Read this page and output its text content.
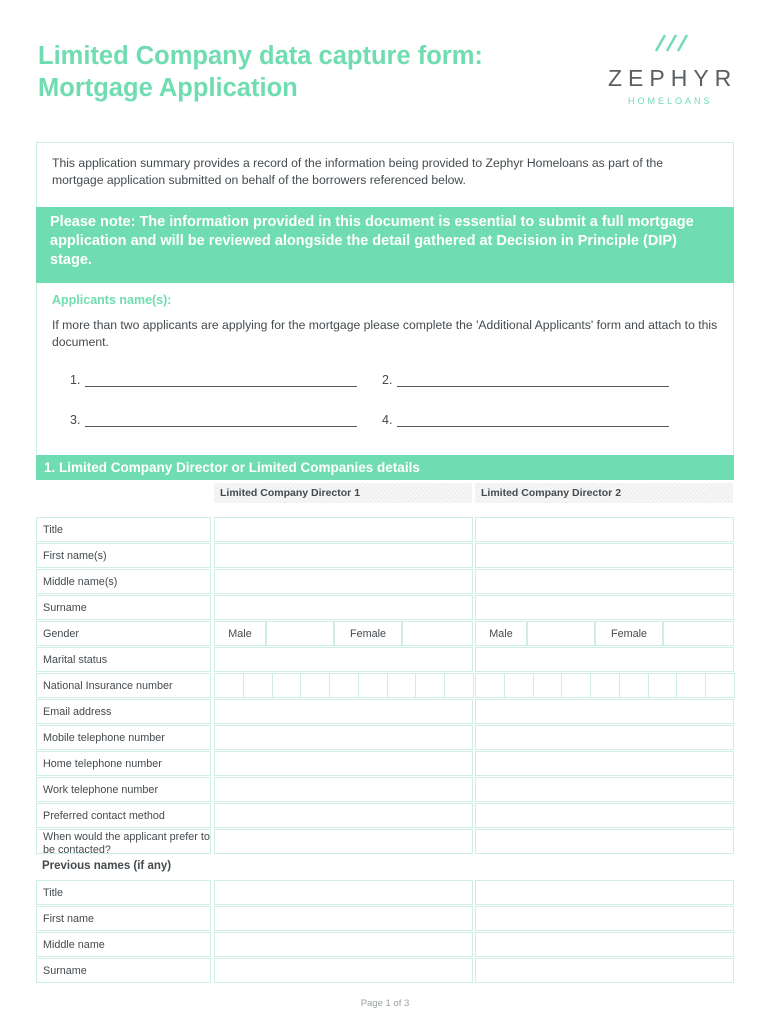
Limited Company data capture form:
Mortgage Application	ZEPHYR
HOMELOANS
This application summary provides a record of the information being provided to Zephyr Homeloans as part of the mortgage application submitted on behalf of the borrowers referenced below.
Please note: The information provided in this document is essential to submit a full mortgage application and will be reviewed alongside the detail gathered at Decision in Principle (DIP) stage.
Applicants name(s):
If more than two applicants are applying for the mortgage please complete the 'Additional Applicants' form and attach to this document.
1.	2.
3.	4.
1. Limited Company Director or Limited Companies details
Limited Company Director 1	Limited Company Director 2
Title
First name(s)
Middle name(s)
Surname
Gender	Male	Female	Male	Female
Marital status
National Insurance number
Email address
Mobile telephone number
Home telephone number
Work telephone number
Preferred contact method
When would the applicant prefer to be contacted?
Previous names (if any)
Title
First name
Middle name
Surname
Page 1 of 3
